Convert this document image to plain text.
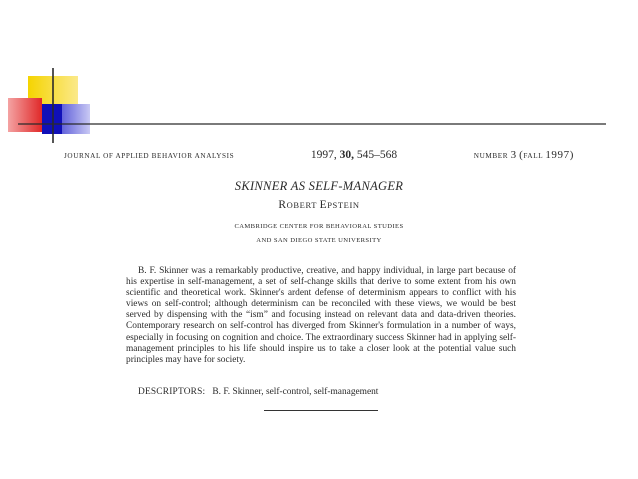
JOURNAL OF APPLIED BEHAVIOR ANALYSIS	1997, 30, 545–568	NUMBER 3 (FALL 1997)
SKINNER AS SELF-MANAGER
ROBERT EPSTEIN
CAMBRIDGE CENTER FOR BEHAVIORAL STUDIES
AND SAN DIEGO STATE UNIVERSITY
B. F. Skinner was a remarkably productive, creative, and happy individual, in large part because of his expertise in self-management, a set of self-change skills that derive to some extent from his own scientific and theoretical work. Skinner's ardent defense of determinism appears to conflict with his views on self-control; although determinism can be reconciled with these views, we would be best served by dispensing with the “ism” and focusing instead on relevant data and data-driven theories. Contemporary research on self-control has diverged from Skinner's formulation in a number of ways, especially in focusing on cognition and choice. The extraordinary success Skinner had in applying self-management principles to his life should inspire us to take a closer look at the potential value such principles may have for society.
DESCRIPTORS: B. F. Skinner, self-control, self-management
